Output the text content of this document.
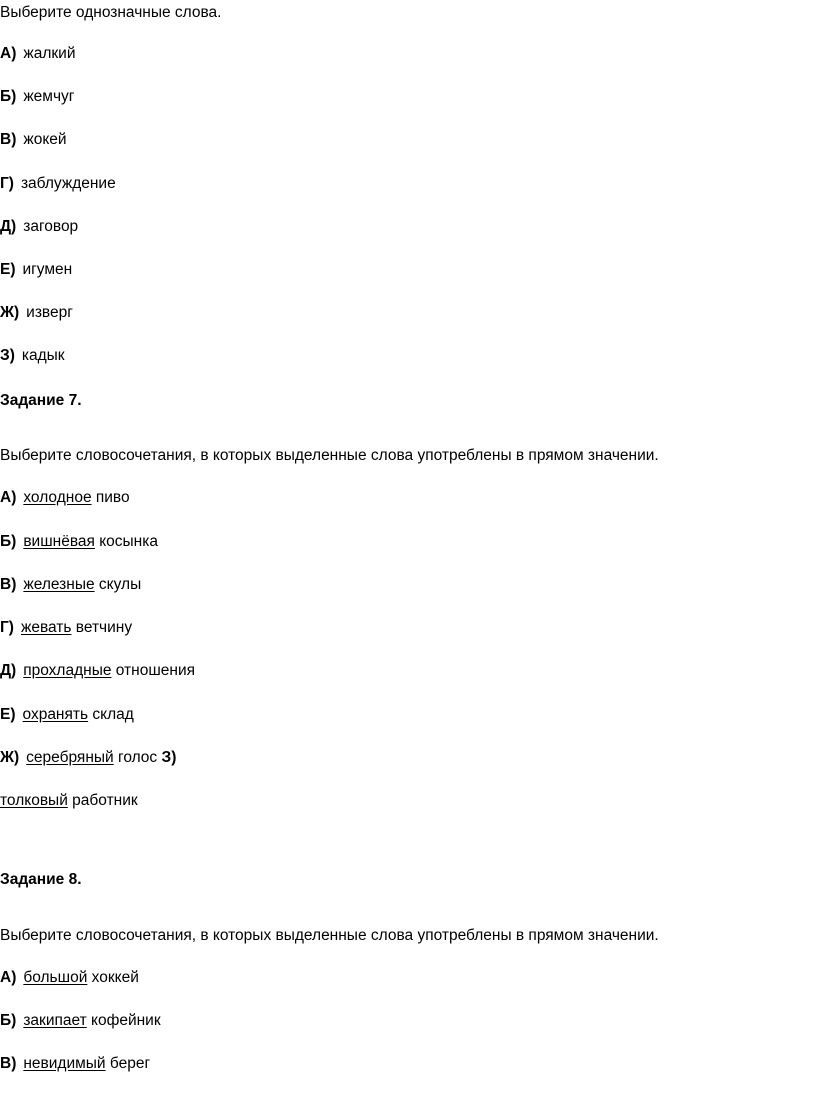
Выберите однозначные слова.
А) жалкий
Б) жемчуг
В) жокей
Г) заблуждение
Д) заговор
Е) игумен
Ж) изверг
З) кадык
Задание 7.
Выберите словосочетания, в которых выделенные слова употреблены в прямом значении.
А) холодное пиво
Б) вишнёвая косынка
В) железные скулы
Г) жевать ветчину
Д) прохладные отношения
Е) охранять склад
Ж) серебряный голос З)
толковый работник
Задание 8.
Выберите словосочетания, в которых выделенные слова употреблены в прямом значении.
А) большой хоккей
Б) закипает кофейник
В) невидимый берег
